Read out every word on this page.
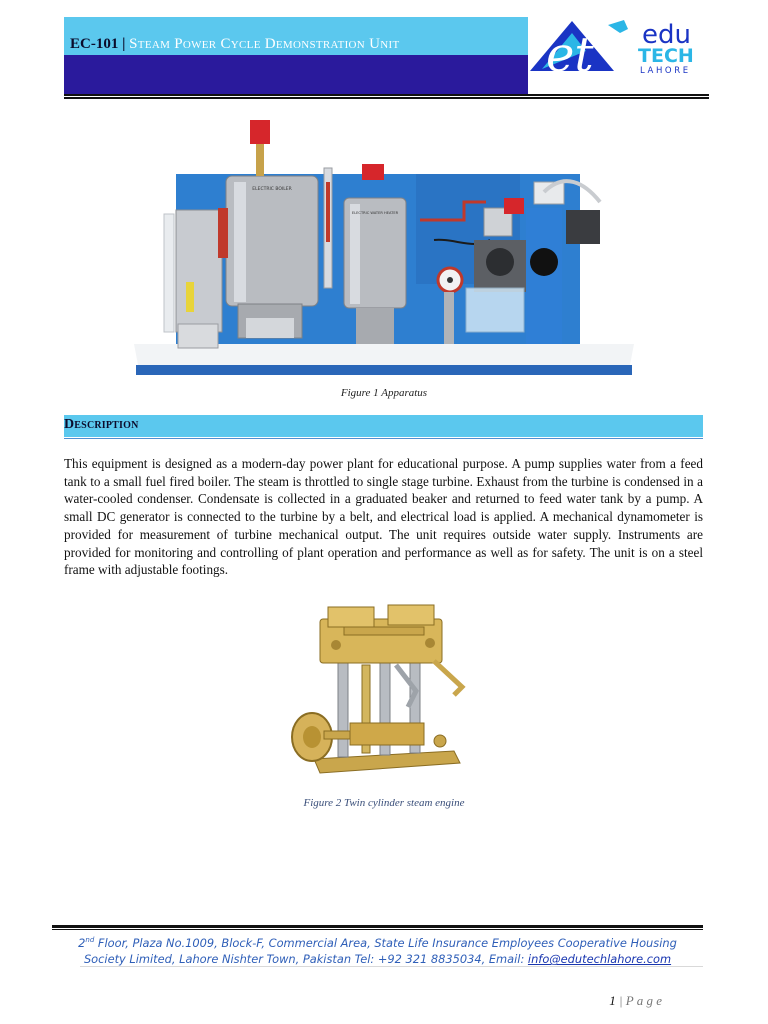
EC-101 | Steam Power Cycle Demonstration Unit	et edu
TECH
LAHORE
ELECTRIC BOILER
ELECTRIC WATER HEATER
Figure 1 Apparatus
Description
This equipment is designed as a modern-day power plant for educational purpose. A pump supplies water from a feed tank to a small fuel fired boiler. The steam is throttled to single stage turbine. Exhaust from the turbine is condensed in a water-cooled condenser. Condensate is collected in a graduated beaker and returned to feed water tank by a pump. A small DC generator is connected to the turbine by a belt, and electrical load is applied. A mechanical dynamometer is provided for measurement of turbine mechanical output. The unit requires outside water supply. Instruments are provided for monitoring and controlling of plant operation and performance as well as for safety. The unit is on a steel frame with adjustable footings.
Figure 2 Twin cylinder steam engine
2nd Floor, Plaza No.1009, Block-F, Commercial Area, State Life Insurance Employees Cooperative Housing
Society Limited, Lahore Nishter Town, Pakistan Tel: +92 321 8835034, Email: info@edutechlahore.com
1 | P a g e
